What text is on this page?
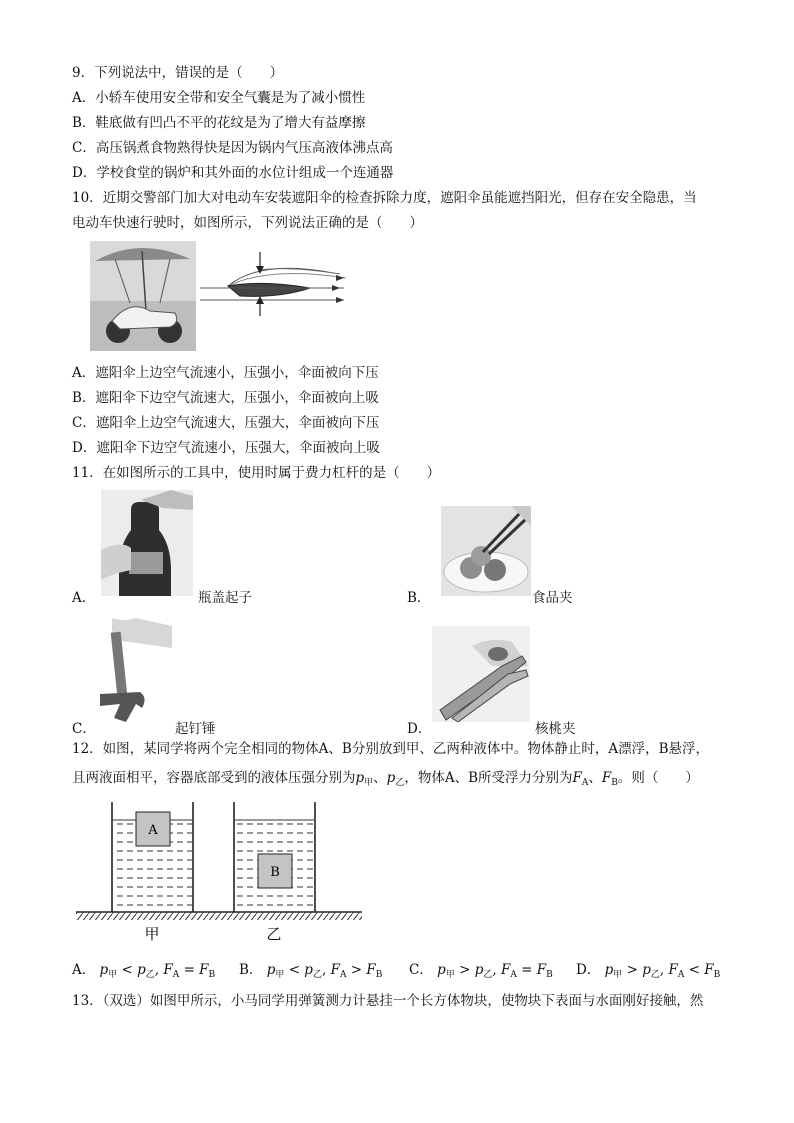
9．下列说法中，错误的是（　　）
A．小轿车使用安全带和安全气囊是为了减小惯性
B．鞋底做有凹凸不平的花纹是为了增大有益摩擦
C．高压锅煮食物熟得快是因为锅内气压高液体沸点高
D．学校食堂的锅炉和其外面的水位计组成一个连通器
10．近期交警部门加大对电动车安装遮阳伞的检查拆除力度，遮阳伞虽能遮挡阳光，但存在安全隐患，当
电动车快速行驶时，如图所示，下列说法正确的是（　　）
A．遮阳伞上边空气流速小，压强小，伞面被向下压
B．遮阳伞下边空气流速大，压强小，伞面被向上吸
C．遮阳伞上边空气流速大，压强大，伞面被向下压
D．遮阳伞下边空气流速小，压强大，伞面被向上吸
11．在如图所示的工具中，使用时属于费力杠杆的是（　　）
A．	瓶盖起子	B．	食品夹
C．	起钉锤	D．	核桃夹
12．如图，某同学将两个完全相同的物体A、B分别放到甲、乙两种液体中。物体静止时，A漂浮，B悬浮，
且两液面相平，容器底部受到的液体压强分别为$p_甲$、$p_乙$，物体A、B所受浮力分别为$F_A$、$F_B$。则（　　）
A
B
甲	乙
A． $p_甲 < p_乙$, $F_A = F_B$ B． $p_甲 < p_乙$, $F_A > F_B$ C． $p_甲 > p_乙$, $F_A = F_B$ D． $p_甲 > p_乙$, $F_A < F_B$
13．（双选）如图甲所示，小马同学用弹簧测力计悬挂一个长方体物块，使物块下表面与水面刚好接触，然
